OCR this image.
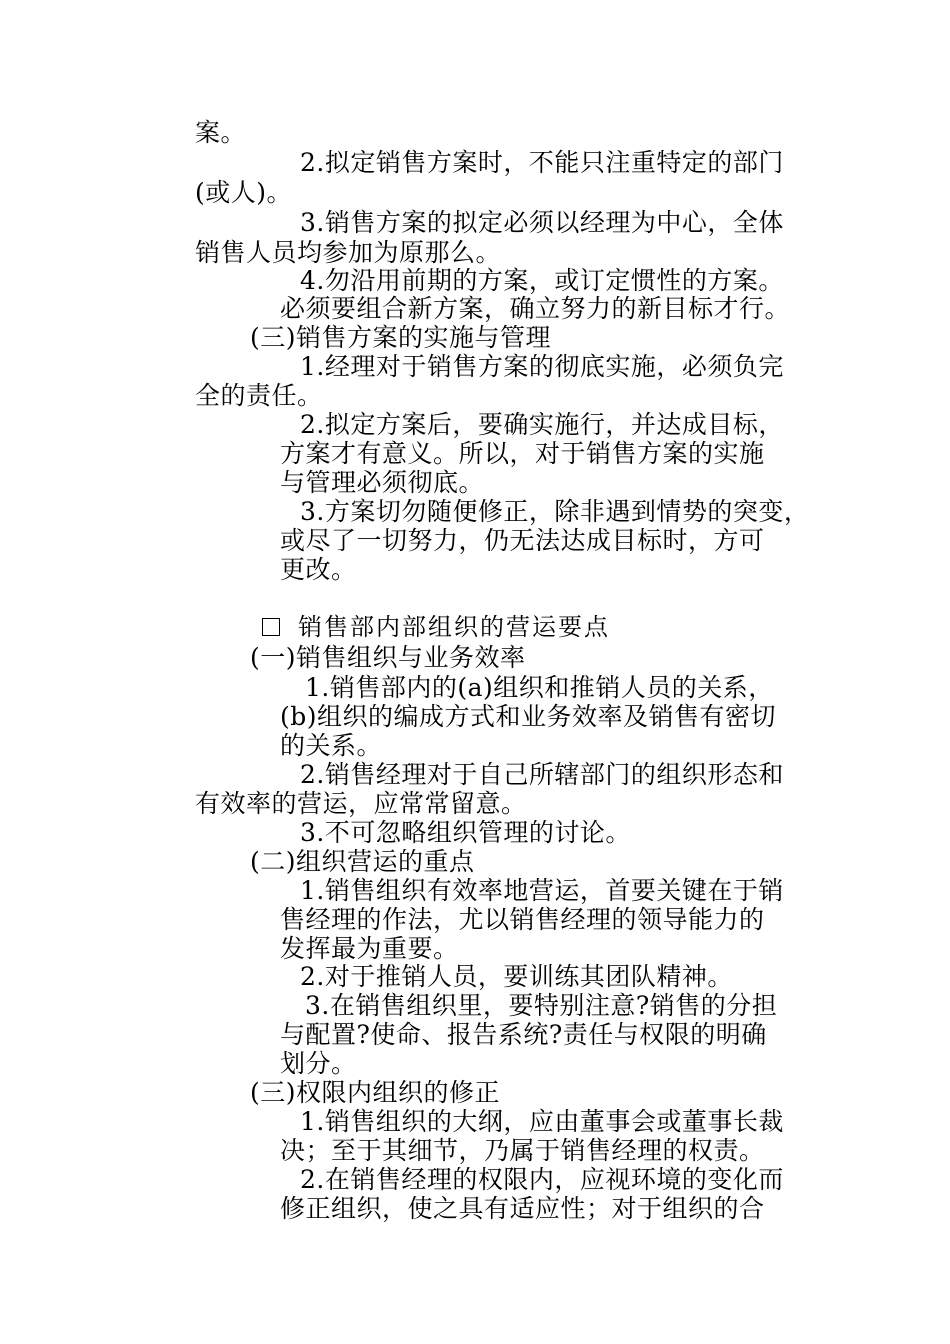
案。
2.拟定销售方案时，不能只注重特定的部门
(或人)。
3.销售方案的拟定必须以经理为中心，全体
销售人员均参加为原那么。
4.勿沿用前期的方案，或订定惯性的方案。
必须要组合新方案，确立努力的新目标才行。
(三)销售方案的实施与管理
1.经理对于销售方案的彻底实施，必须负完
全的责任。
2.拟定方案后，要确实施行，并达成目标，
方案才有意义。所以，对于销售方案的实施
与管理必须彻底。
3.方案切勿随便修正，除非遇到情势的突变，
或尽了一切努力，仍无法达成目标时，方可
更改。
(一)销售组织与业务效率
1.销售部内的(a)组织和推销人员的关系，
(b)组织的编成方式和业务效率及销售有密切
的关系。
2.销售经理对于自己所辖部门的组织形态和
有效率的营运，应常常留意。
3.不可忽略组织管理的讨论。
(二)组织营运的重点
1.销售组织有效率地营运，首要关键在于销
售经理的作法，尤以销售经理的领导能力的
发挥最为重要。
2.对于推销人员，要训练其团队精神。
3.在销售组织里，要特别注意?销售的分担
与配置?使命、报告系统?责任与权限的明确
划分。
(三)权限内组织的修正
1.销售组织的大纲，应由董事会或董事长裁
决；至于其细节，乃属于销售经理的权责。
2.在销售经理的权限内，应视环境的变化而
修正组织，使之具有适应性；对于组织的合
销售部内部组织的营运要点
